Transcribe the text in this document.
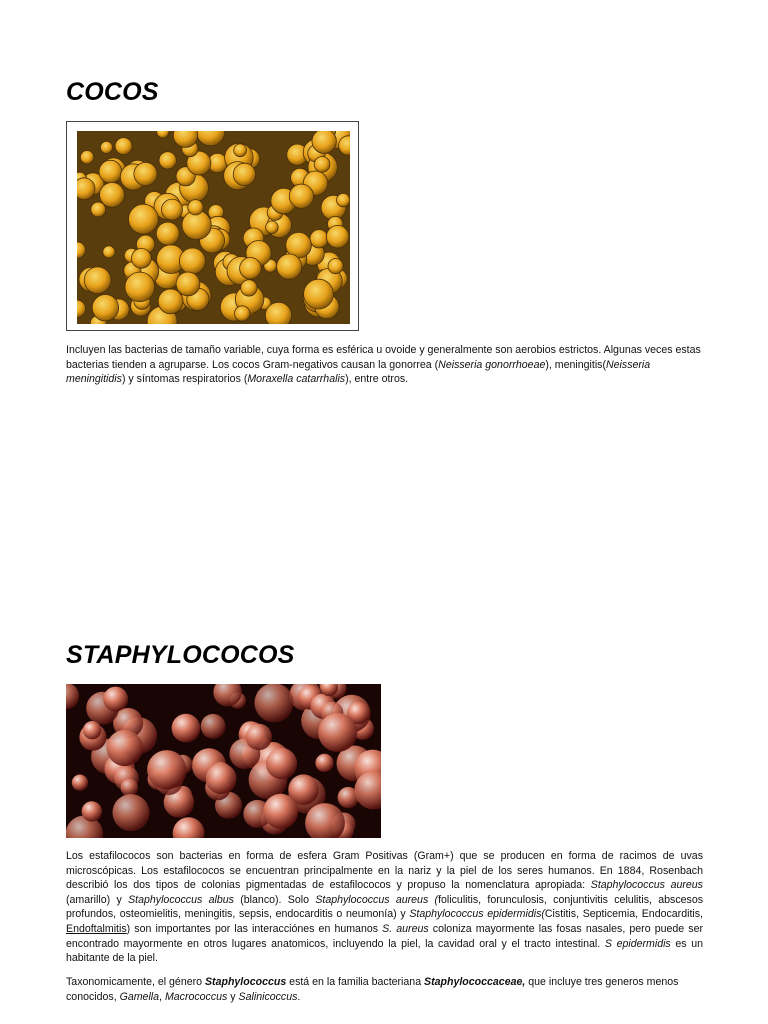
COCOS

Incluyen las bacterias de tamaño variable, cuya forma es esférica u ovoide y generalmente son aerobios estrictos. Algunas veces estas bacterias tienden a agruparse. Los cocos Gram-negativos causan la gonorrea (Neisseria gonorrhoeae), meningitis(Neisseria meningitidis) y síntomas respiratorios (Moraxella catarrhalis), entre otros.

STAPHYLOCOCOS

Los estafilococos son bacterias en forma de esfera Gram Positivas (Gram+) que se producen en forma de racimos de uvas microscópicas. Los estafilococos se encuentran principalmente en la nariz y la piel de los seres humanos. En 1884, Rosenbach describió los dos tipos de colonias pigmentadas de estafilococos y propuso la nomenclatura apropiada: Staphylococcus aureus (amarillo) y Staphylococcus albus (blanco). Solo Staphylococcus aureus (foliculitis, forunculosis, conjuntivitis celulitis, abscesos profundos, osteomielitis, meningitis, sepsis, endocarditis o neumonía) y Staphylococcus epidermidis(Cistitis, Septicemia, Endocarditis, Endoftalmitis) son importantes por las interacciónes en humanos S. aureus coloniza mayormente las fosas nasales, pero puede ser encontrado mayormente en otros lugares anatomicos, incluyendo la piel, la cavidad oral y el tracto intestinal. S epidermidis es un habitante de la piel.

Taxonomicamente, el género Staphylococcus está en la familia bacteriana Staphylococcaceae, que incluye tres generos menos conocidos, Gamella, Macrococcus y Salinicoccus.
